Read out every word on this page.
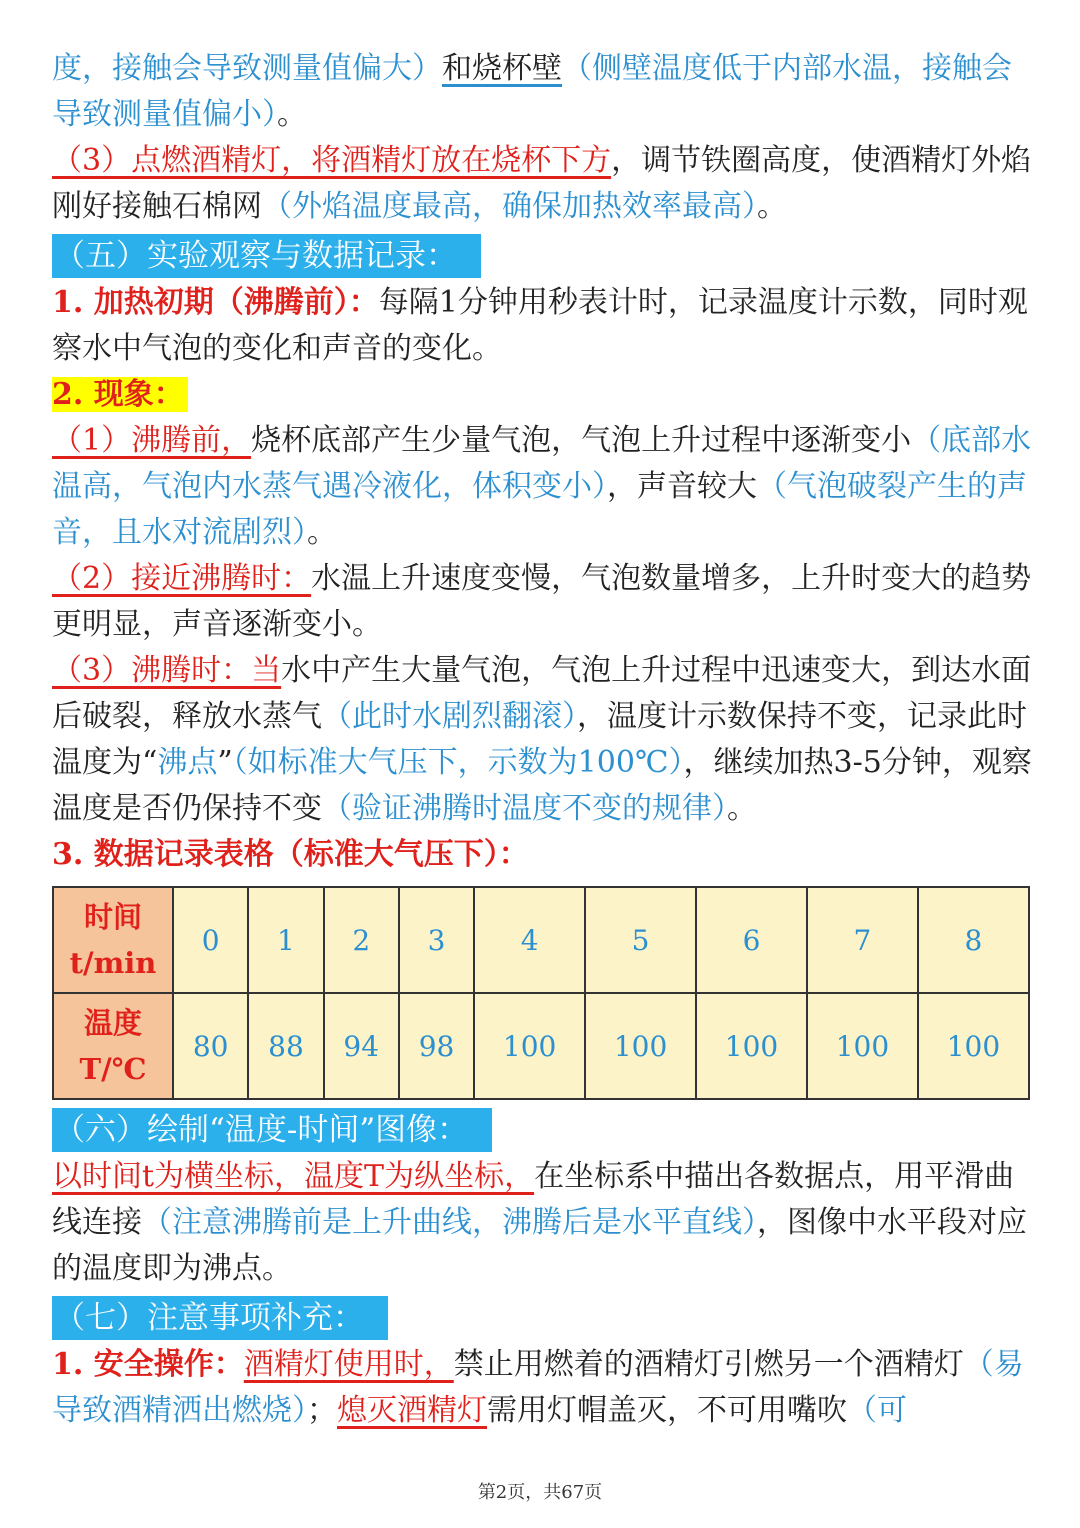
度，接触会导致测量值偏大）和烧杯壁（侧壁温度低于内部水温，接触会导致测量值偏小）。

（3）点燃酒精灯，将酒精灯放在烧杯下方，调节铁圈高度，使酒精灯外焰刚好接触石棉网（外焰温度最高，确保加热效率最高）。

（五）实验观察与数据记录：

1. 加热初期（沸腾前）：每隔1分钟用秒表计时，记录温度计示数，同时观察水中气泡的变化和声音的变化。

2. 现象：

（1）沸腾前，烧杯底部产生少量气泡，气泡上升过程中逐渐变小（底部水温高，气泡内水蒸气遇冷液化，体积变小），声音较大（气泡破裂产生的声音，且水对流剧烈）。

（2）接近沸腾时：水温上升速度变慢，气泡数量增多，上升时变大的趋势更明显，声音逐渐变小。

（3）沸腾时：当水中产生大量气泡，气泡上升过程中迅速变大，到达水面后破裂，释放水蒸气（此时水剧烈翻滚），温度计示数保持不变，记录此时温度为“沸点”（如标准大气压下，示数为100℃），继续加热3-5分钟，观察温度是否仍保持不变（验证沸腾时温度不变的规律）。

3. 数据记录表格（标准大气压下）：

时间
t/min	0	1	2	3	4	5	6	7	8
温度
T/℃	80	88	94	98	100	100	100	100	100
（六）绘制“温度-时间”图像：

以时间t为横坐标，温度T为纵坐标，在坐标系中描出各数据点，用平滑曲线连接（注意沸腾前是上升曲线，沸腾后是水平直线），图像中水平段对应的温度即为沸点。

（七）注意事项补充：

1. 安全操作：酒精灯使用时，禁止用燃着的酒精灯引燃另一个酒精灯（易导致酒精洒出燃烧）；熄灭酒精灯需用灯帽盖灭，不可用嘴吹（可

第2页，共67页
